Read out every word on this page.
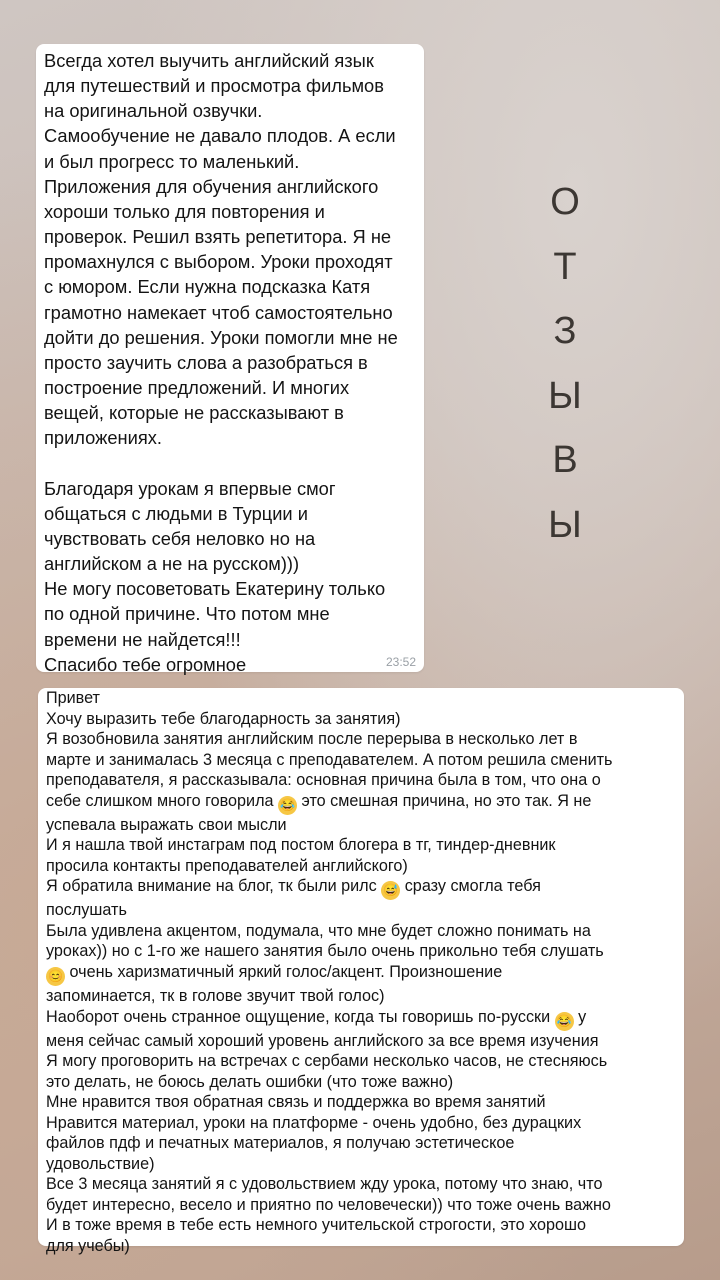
О
Т
З
Ы
В
Ы

Всегда хотел выучить английский язык
для путешествий и просмотра фильмов
на оригинальной озвучки.
Самообучение не давало плодов. А если
и был прогресс то маленький.
Приложения для обучения английского
хороши только для повторения и
проверок. Решил взять репетитора. Я не
промахнулся с выбором. Уроки проходят
с юмором. Если нужна подсказка Катя
грамотно намекает чтоб самостоятельно
дойти до решения. Уроки помогли мне не
просто заучить слова а разобраться в
построение предложений. И многих
вещей, которые не рассказывают в
приложениях.

Благодаря урокам я впервые смог
общаться с людьми в Турции и
чувствовать себя неловко но на
английском а не на русском)))
Не могу посоветовать Екатерину только
по одной причине. Что потом мне
времени не найдется!!!
Спасибо тебе огромное	23:52
Привет
Хочу выразить тебе благодарность за занятия)
Я возобновила занятия английским после перерыва в несколько лет в
марте и занималась 3 месяца с преподавателем. А потом решила сменить
преподавателя, я рассказывала: основная причина была в том, что она о
себе слишком много говорила 😂 это смешная причина, но это так. Я не
успевала выражать свои мысли
И я нашла твой инстаграм под постом блогера в тг, тиндер-дневник
просила контакты преподавателей английского)
Я обратила внимание на блог, тк были рилс 😅 сразу смогла тебя
послушать
Была удивлена акцентом, подумала, что мне будет сложно понимать на
уроках)) но с 1-го же нашего занятия было очень прикольно тебя слушать
😊 очень харизматичный яркий голос/акцент. Произношение
запоминается, тк в голове звучит твой голос)
Наоборот очень странное ощущение, когда ты говоришь по-русски 😂 у
меня сейчас самый хороший уровень английского за все время изучения
Я могу проговорить на встречах с сербами несколько часов, не стесняюсь
это делать, не боюсь делать ошибки (что тоже важно)
Мне нравится твоя обратная связь и поддержка во время занятий
Нравится материал, уроки на платформе - очень удобно, без дурацких
файлов пдф и печатных материалов, я получаю эстетическое
удовольствие)
Все 3 месяца занятий я с удовольствием жду урока, потому что знаю, что
будет интересно, весело и приятно по человечески)) что тоже очень важно
И в тоже время в тебе есть немного учительской строгости, это хорошо
для учебы)
